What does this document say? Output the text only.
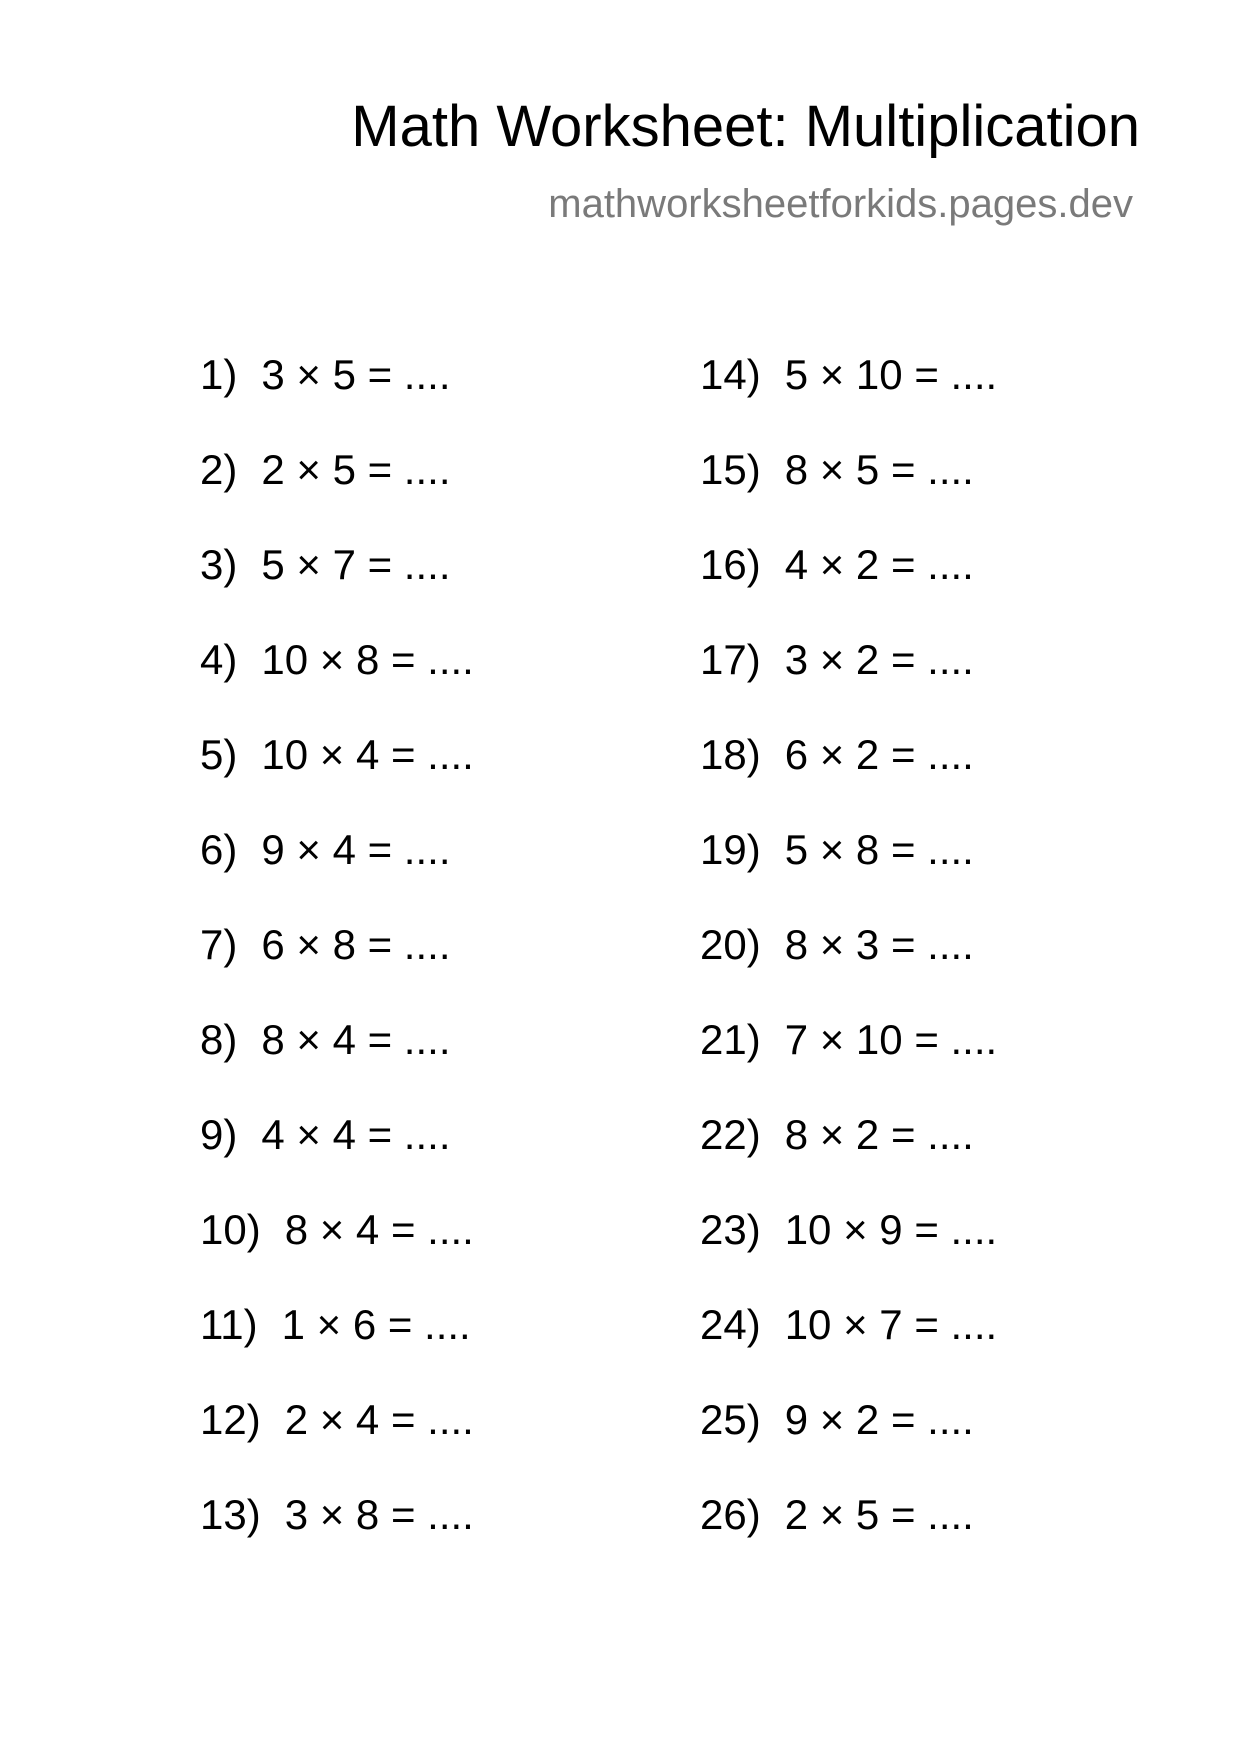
Math Worksheet: Multiplication

mathworksheetforkids.pages.dev

1) 3 × 5 = ....
2) 2 × 5 = ....
3) 5 × 7 = ....
4) 10 × 8 = ....
5) 10 × 4 = ....
6) 9 × 4 = ....
7) 6 × 8 = ....
8) 8 × 4 = ....
9) 4 × 4 = ....
10) 8 × 4 = ....
11) 1 × 6 = ....
12) 2 × 4 = ....
13) 3 × 8 = ....
14) 5 × 10 = ....
15) 8 × 5 = ....
16) 4 × 2 = ....
17) 3 × 2 = ....
18) 6 × 2 = ....
19) 5 × 8 = ....
20) 8 × 3 = ....
21) 7 × 10 = ....
22) 8 × 2 = ....
23) 10 × 9 = ....
24) 10 × 7 = ....
25) 9 × 2 = ....
26) 2 × 5 = ....
